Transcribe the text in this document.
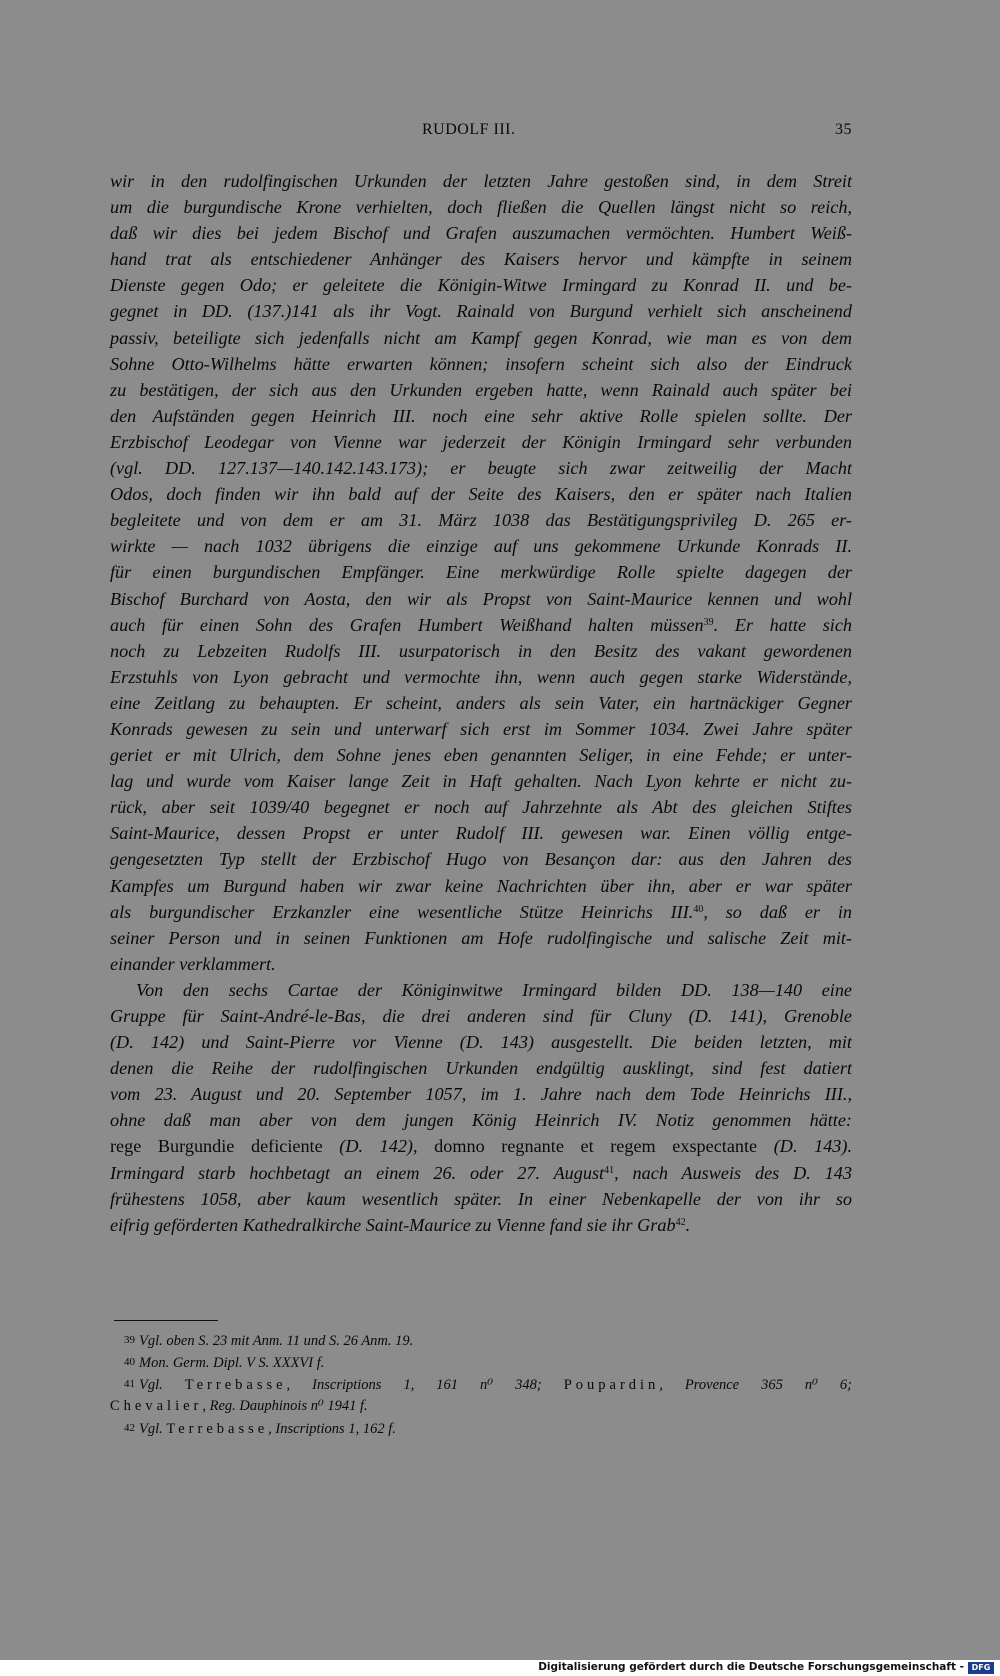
RUDOLF III.	35
wir in den rudolfingischen Urkunden der letzten Jahre gestoßen sind, in dem Streit
um die burgundische Krone verhielten, doch fließen die Quellen längst nicht so reich,
daß wir dies bei jedem Bischof und Grafen auszumachen vermöchten. Humbert Weiß-
hand trat als entschiedener Anhänger des Kaisers hervor und kämpfte in seinem
Dienste gegen Odo; er geleitete die Königin-Witwe Irmingard zu Konrad II. und be-
gegnet in DD. (137.)141 als ihr Vogt. Rainald von Burgund verhielt sich anscheinend
passiv, beteiligte sich jedenfalls nicht am Kampf gegen Konrad, wie man es von dem
Sohne Otto-Wilhelms hätte erwarten können; insofern scheint sich also der Eindruck
zu bestätigen, der sich aus den Urkunden ergeben hatte, wenn Rainald auch später bei
den Aufständen gegen Heinrich III. noch eine sehr aktive Rolle spielen sollte. Der
Erzbischof Leodegar von Vienne war jederzeit der Königin Irmingard sehr verbunden
(vgl. DD. 127.137—140.142.143.173); er beugte sich zwar zeitweilig der Macht
Odos, doch finden wir ihn bald auf der Seite des Kaisers, den er später nach Italien
begleitete und von dem er am 31. März 1038 das Bestätigungsprivileg D. 265 er-
wirkte — nach 1032 übrigens die einzige auf uns gekommene Urkunde Konrads II.
für einen burgundischen Empfänger. Eine merkwürdige Rolle spielte dagegen der
Bischof Burchard von Aosta, den wir als Propst von Saint-Maurice kennen und wohl
auch für einen Sohn des Grafen Humbert Weißhand halten müssen$^{39}$. Er hatte sich
noch zu Lebzeiten Rudolfs III. usurpatorisch in den Besitz des vakant gewordenen
Erzstuhls von Lyon gebracht und vermochte ihn, wenn auch gegen starke Widerstände,
eine Zeitlang zu behaupten. Er scheint, anders als sein Vater, ein hartnäckiger Gegner
Konrads gewesen zu sein und unterwarf sich erst im Sommer 1034. Zwei Jahre später
geriet er mit Ulrich, dem Sohne jenes eben genannten Seliger, in eine Fehde; er unter-
lag und wurde vom Kaiser lange Zeit in Haft gehalten. Nach Lyon kehrte er nicht zu-
rück, aber seit 1039/40 begegnet er noch auf Jahrzehnte als Abt des gleichen Stiftes
Saint-Maurice, dessen Propst er unter Rudolf III. gewesen war. Einen völlig entge-
gengesetzten Typ stellt der Erzbischof Hugo von Besançon dar: aus den Jahren des
Kampfes um Burgund haben wir zwar keine Nachrichten über ihn, aber er war später
als burgundischer Erzkanzler eine wesentliche Stütze Heinrichs III.$^{40}$, so daß er in
seiner Person und in seinen Funktionen am Hofe rudolfingische und salische Zeit mit-
einander verklammert.
Von den sechs Cartae der Königinwitwe Irmingard bilden DD. 138—140 eine
Gruppe für Saint-André-le-Bas, die drei anderen sind für Cluny (D. 141), Grenoble
(D. 142) und Saint-Pierre vor Vienne (D. 143) ausgestellt. Die beiden letzten, mit
denen die Reihe der rudolfingischen Urkunden endgültig ausklingt, sind fest datiert
vom 23. August und 20. September 1057, im 1. Jahre nach dem Tode Heinrichs III.,
ohne daß man aber von dem jungen König Heinrich IV. Notiz genommen hätte:
rege Burgundie deficiente (D. 142), domno regnante et regem exspectante (D. 143).
Irmingard starb hochbetagt an einem 26. oder 27. August$^{41}$, nach Ausweis des D. 143
frühestens 1058, aber kaum wesentlich später. In einer Nebenkapelle der von ihr so
eifrig geförderten Kathedralkirche Saint-Maurice zu Vienne fand sie ihr Grab$^{42}$.
39 Vgl. oben S. 23 mit Anm. 11 und S. 26 Anm. 19.
40 Mon. Germ. Dipl. V S. XXXVI f.
41 Vgl. Terrebasse, Inscriptions 1, 161 n⁰ 348; Poupardin, Provence 365 n⁰ 6;
Chevalier, Reg. Dauphinois n⁰ 1941 f.
42 Vgl. Terrebasse, Inscriptions 1, 162 f.
Digitalisierung gefördert durch die Deutsche Forschungsgemeinschaft - DFG
